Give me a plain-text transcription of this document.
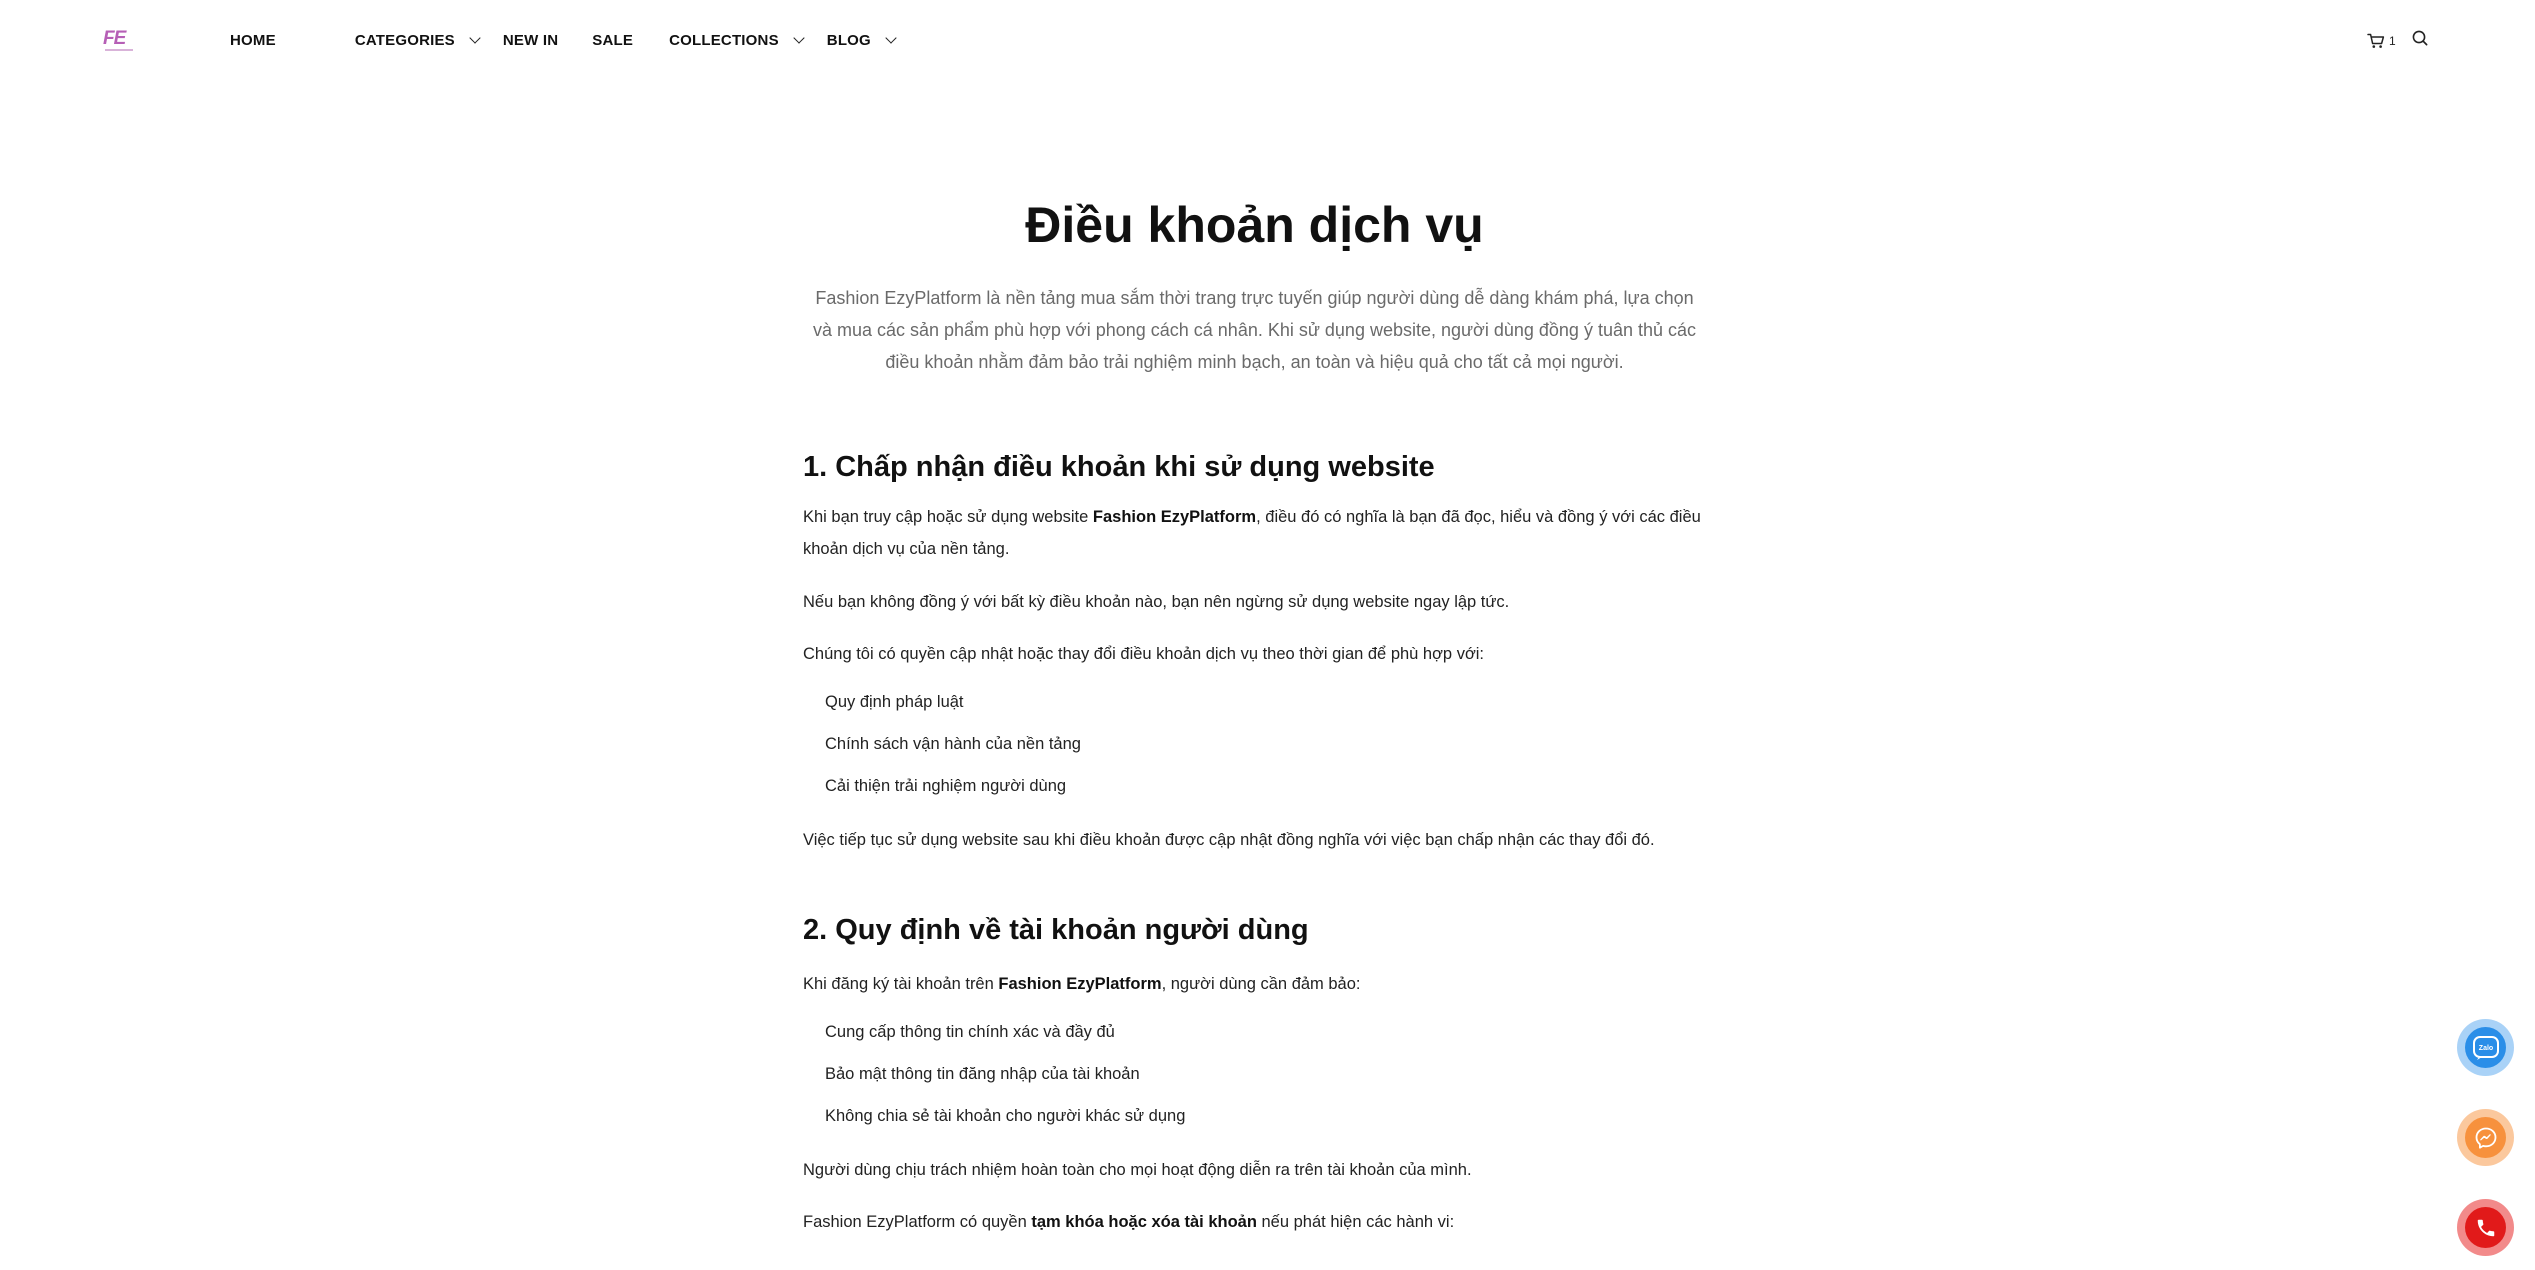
FE	HOME	CATEGORIES	NEW IN SALE COLLECTIONS	BLOG	1
Điều khoản dịch vụ

Fashion EzyPlatform là nền tảng mua sắm thời trang trực tuyến giúp người dùng dễ dàng khám phá, lựa chọn và mua các sản phẩm phù hợp với phong cách cá nhân. Khi sử dụng website, người dùng đồng ý tuân thủ các điều khoản nhằm đảm bảo trải nghiệm minh bạch, an toàn và hiệu quả cho tất cả mọi người.

1. Chấp nhận điều khoản khi sử dụng website

Khi bạn truy cập hoặc sử dụng website Fashion EzyPlatform, điều đó có nghĩa là bạn đã đọc, hiểu và đồng ý với các điều khoản dịch vụ của nền tảng.

Nếu bạn không đồng ý với bất kỳ điều khoản nào, bạn nên ngừng sử dụng website ngay lập tức.

Chúng tôi có quyền cập nhật hoặc thay đổi điều khoản dịch vụ theo thời gian để phù hợp với:

Quy định pháp luật
Chính sách vận hành của nền tảng
Cải thiện trải nghiệm người dùng

Việc tiếp tục sử dụng website sau khi điều khoản được cập nhật đồng nghĩa với việc bạn chấp nhận các thay đổi đó.

2. Quy định về tài khoản người dùng

Khi đăng ký tài khoản trên Fashion EzyPlatform, người dùng cần đảm bảo:

Cung cấp thông tin chính xác và đầy đủ
Bảo mật thông tin đăng nhập của tài khoản
Không chia sẻ tài khoản cho người khác sử dụng

Người dùng chịu trách nhiệm hoàn toàn cho mọi hoạt động diễn ra trên tài khoản của mình.

Fashion EzyPlatform có quyền tạm khóa hoặc xóa tài khoản nếu phát hiện các hành vi:

Zalo
